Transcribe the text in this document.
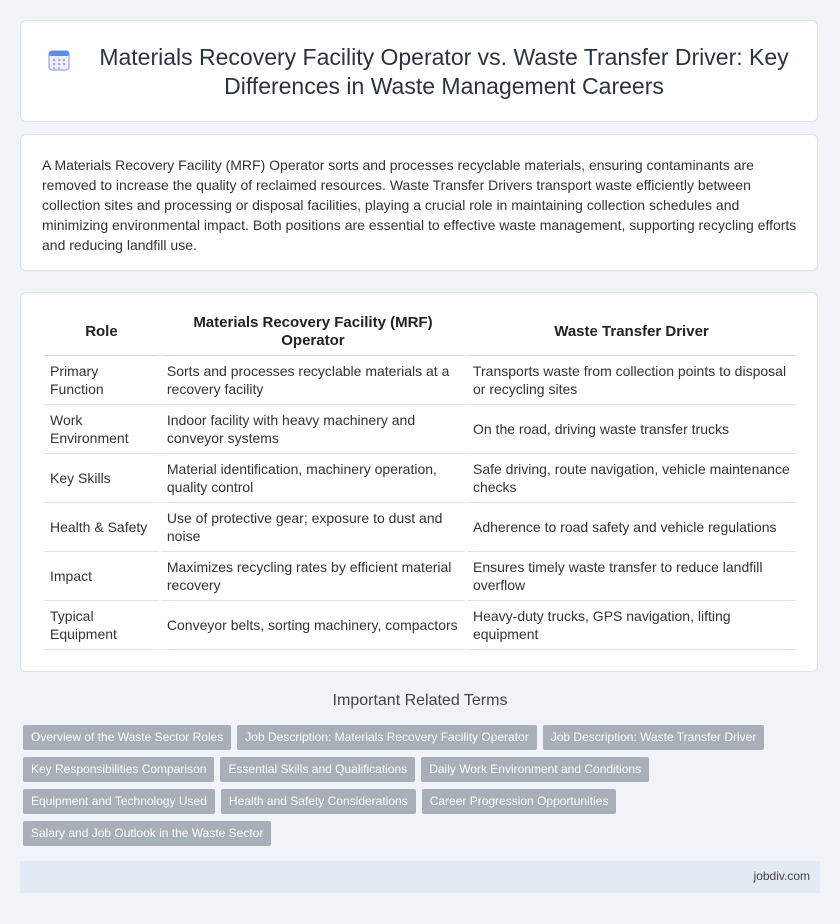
Materials Recovery Facility Operator vs. Waste Transfer Driver: Key Differences in Waste Management Careers

A Materials Recovery Facility (MRF) Operator sorts and processes recyclable materials, ensuring contaminants are removed to increase the quality of reclaimed resources. Waste Transfer Drivers transport waste efficiently between collection sites and processing or disposal facilities, playing a crucial role in maintaining collection schedules and minimizing environmental impact. Both positions are essential to effective waste management, supporting recycling efforts and reducing landfill use.

Role	Materials Recovery Facility (MRF) Operator	Waste Transfer Driver
Primary Function	Sorts and processes recyclable materials at a recovery facility	Transports waste from collection points to disposal or recycling sites
Work Environment	Indoor facility with heavy machinery and conveyor systems	On the road, driving waste transfer trucks
Key Skills	Material identification, machinery operation, quality control	Safe driving, route navigation, vehicle maintenance checks
Health & Safety	Use of protective gear; exposure to dust and noise	Adherence to road safety and vehicle regulations
Impact	Maximizes recycling rates by efficient material recovery	Ensures timely waste transfer to reduce landfill overflow
Typical Equipment	Conveyor belts, sorting machinery, compactors	Heavy-duty trucks, GPS navigation, lifting equipment
Important Related Terms
Overview of the Waste Sector Roles Job Description: Materials Recovery Facility Operator Job Description: Waste Transfer Driver
Key Responsibilities Comparison Essential Skills and Qualifications Daily Work Environment and Conditions
Equipment and Technology Used Health and Safety Considerations Career Progression Opportunities
Salary and Job Outlook in the Waste Sector
jobdiv.com
